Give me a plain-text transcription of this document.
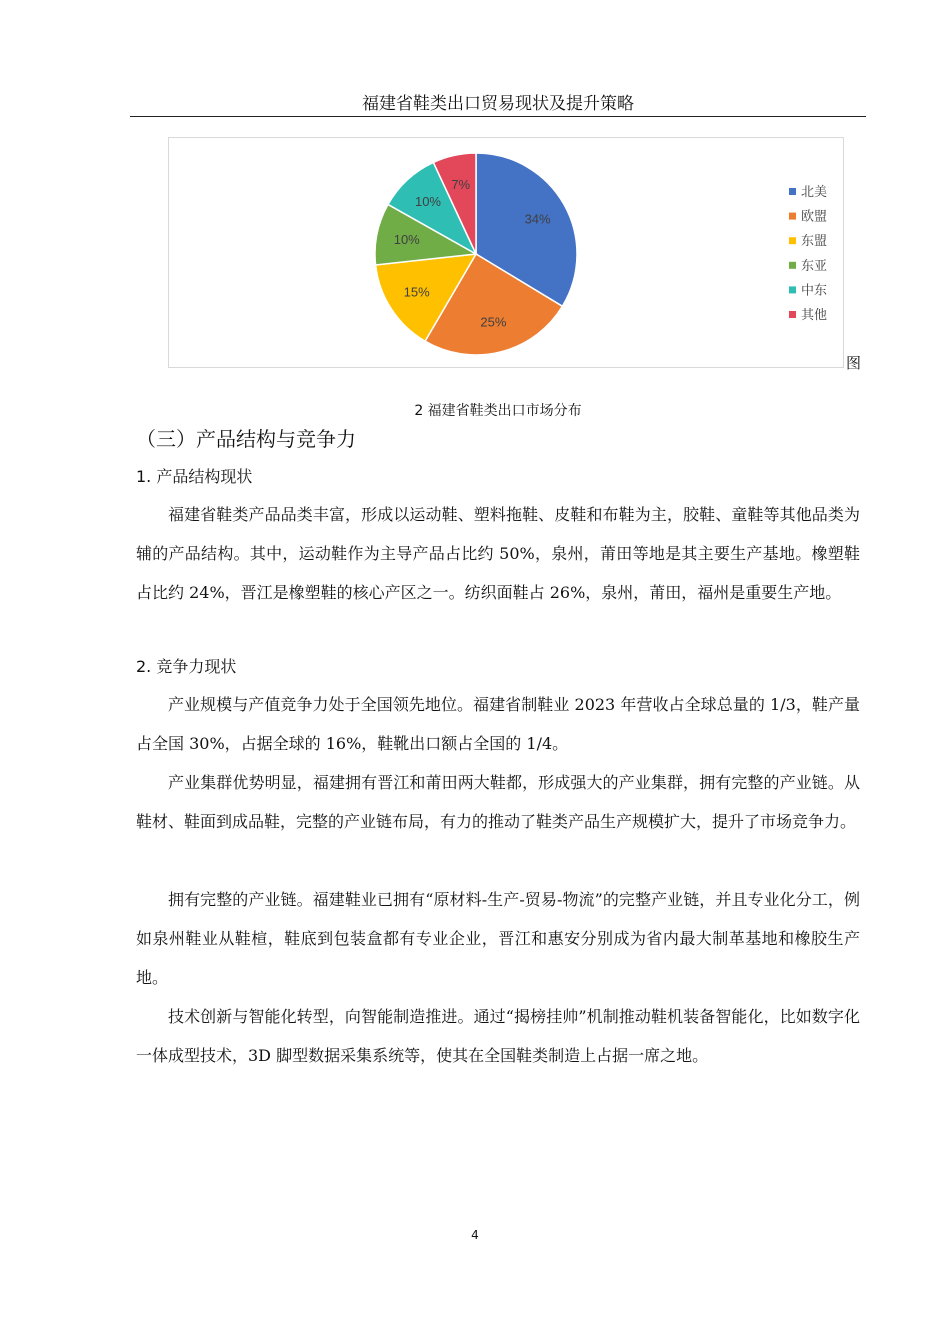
福建省鞋类出口贸易现状及提升策略
34%
25%
15%
10%
10%
7%
北美
欧盟
东盟
东亚
中东
其他
图
2 福建省鞋类出口市场分布
（三）产品结构与竞争力
1. 产品结构现状
福建省鞋类产品品类丰富，形成以运动鞋、塑料拖鞋、皮鞋和布鞋为主，胶鞋、童鞋等其他品类为辅的产品结构。其中，运动鞋作为主导产品占比约 50%，泉州，莆田等地是其主要生产基地。橡塑鞋占比约 24%，晋江是橡塑鞋的核心产区之一。纺织面鞋占 26%，泉州，莆田，福州是重要生产地。
2. 竞争力现状
产业规模与产值竞争力处于全国领先地位。福建省制鞋业 2023 年营收占全球总量的 1/3，鞋产量占全国 30%，占据全球的 16%，鞋靴出口额占全国的 1/4。
产业集群优势明显，福建拥有晋江和莆田两大鞋都，形成强大的产业集群，拥有完整的产业链。从鞋材、鞋面到成品鞋，完整的产业链布局，有力的推动了鞋类产品生产规模扩大，提升了市场竞争力。
拥有完整的产业链。福建鞋业已拥有“原材料-生产-贸易-物流”的完整产业链，并且专业化分工，例如泉州鞋业从鞋楦，鞋底到包装盒都有专业企业，晋江和惠安分别成为省内最大制革基地和橡胶生产地。
技术创新与智能化转型，向智能制造推进。通过“揭榜挂帅”机制推动鞋机装备智能化，比如数字化一体成型技术，3D 脚型数据采集系统等，使其在全国鞋类制造上占据一席之地。
4
